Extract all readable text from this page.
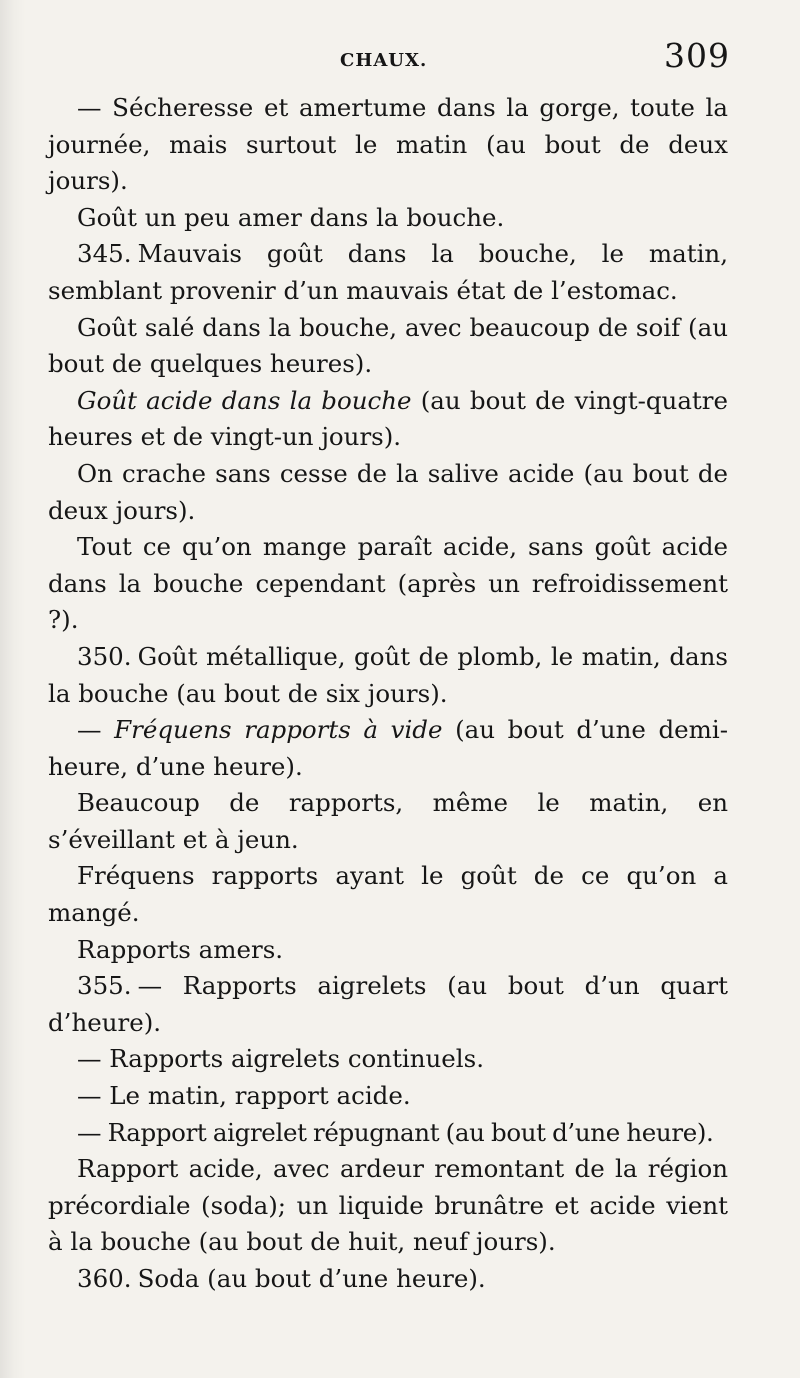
CHAUX.	309

— Sécheresse et amertume dans la gorge, toute la journée, mais surtout le matin (au bout de deux jours).

Goût un peu amer dans la bouche.

345. Mauvais goût dans la bouche, le matin, semblant provenir d’un mauvais état de l’estomac.

Goût salé dans la bouche, avec beaucoup de soif (au bout de quelques heures).

Goût acide dans la bouche (au bout de vingt-quatre heures et de vingt-un jours).

On crache sans cesse de la salive acide (au bout de deux jours).

Tout ce qu’on mange paraît acide, sans goût acide dans la bouche cependant (après un refroidissement ?).

350. Goût métallique, goût de plomb, le matin, dans la bouche (au bout de six jours).

— Fréquens rapports à vide (au bout d’une demi-heure, d’une heure).

Beaucoup de rapports, même le matin, en s’éveillant et à jeun.

Fréquens rapports ayant le goût de ce qu’on a mangé.

Rapports amers.

355. — Rapports aigrelets (au bout d’un quart d’heure).

— Rapports aigrelets continuels.

— Le matin, rapport acide.

— Rapport aigrelet répugnant (au bout d’une heure).

Rapport acide, avec ardeur remontant de la région précordiale (soda); un liquide brunâtre et acide vient à la bouche (au bout de huit, neuf jours).

360. Soda (au bout d’une heure).
